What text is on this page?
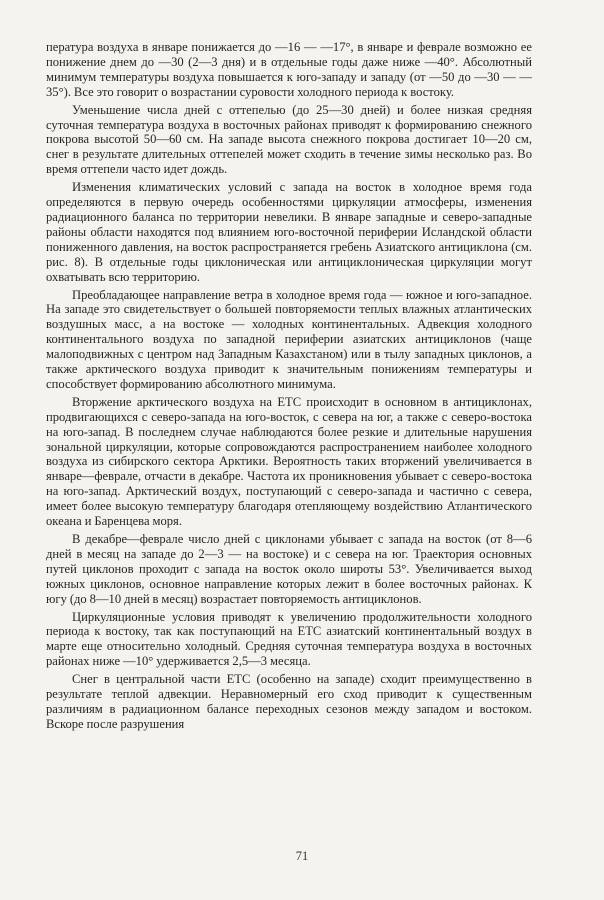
пература воздуха в январе понижается до —16 — —17°, в январе и феврале возможно ее понижение днем до —30 (2—3 дня) и в отдельные годы даже ниже —40°. Абсолютный минимум температуры воздуха повышается к юго-западу и западу (от —50 до —30 — —35°). Все это говорит о возрастании суровости холодного периода к востоку.

Уменьшение числа дней с оттепелью (до 25—30 дней) и более низкая средняя суточная температура воздуха в восточных районах приводят к формированию снежного покрова высотой 50—60 см. На западе высота снежного покрова достигает 10—20 см, снег в результате длительных оттепелей может сходить в течение зимы несколько раз. Во время оттепели часто идет дождь.

Изменения климатических условий с запада на восток в холодное время года определяются в первую очередь особенностями циркуляции атмосферы, изменения радиационного баланса по территории невелики. В январе западные и северо-западные районы области находятся под влиянием юго-восточной периферии Исландской области пониженного давления, на восток распространяется гребень Азиатского антициклона (см. рис. 8). В отдельные годы циклоническая или антициклоническая циркуляции могут охватывать всю территорию.

Преобладающее направление ветра в холодное время года — южное и юго-западное. На западе это свидетельствует о большей повторяемости теплых влажных атлантических воздушных масс, а на востоке — холодных континентальных. Адвекция холодного континентального воздуха по западной периферии азиатских антициклонов (чаще малоподвижных с центром над Западным Казахстаном) или в тылу западных циклонов, а также арктического воздуха приводит к значительным понижениям температуры и способствует формированию абсолютного минимума.

Вторжение арктического воздуха на ЕТС происходит в основном в антициклонах, продвигающихся с северо-запада на юго-восток, с севера на юг, а также с северо-востока на юго-запад. В последнем случае наблюдаются более резкие и длительные нарушения зональной циркуляции, которые сопровождаются распространением наиболее холодного воздуха из сибирского сектора Арктики. Вероятность таких вторжений увеличивается в январе—феврале, отчасти в декабре. Частота их проникновения убывает с северо-востока на юго-запад. Арктический воздух, поступающий с северо-запада и частично с севера, имеет более высокую температуру благодаря отепляющему воздействию Атлантического океана и Баренцева моря.

В декабре—феврале число дней с циклонами убывает с запада на восток (от 8—6 дней в месяц на западе до 2—3 — на востоке) и с севера на юг. Траектория основных путей циклонов проходит с запада на восток около широты 53°. Увеличивается выход южных циклонов, основное направление которых лежит в более восточных районах. К югу (до 8—10 дней в месяц) возрастает повторяемость антициклонов.

Циркуляционные условия приводят к увеличению продолжительности холодного периода к востоку, так как поступающий на ЕТС азиатский континентальный воздух в марте еще относительно холодный. Средняя суточная температура воздуха в восточных районах ниже —10° удерживается 2,5—3 месяца.

Снег в центральной части ЕТС (особенно на западе) сходит преимущественно в результате теплой адвекции. Неравномерный его сход приводит к существенным различиям в радиационном балансе переходных сезонов между западом и востоком. Вскоре после разрушения

71
